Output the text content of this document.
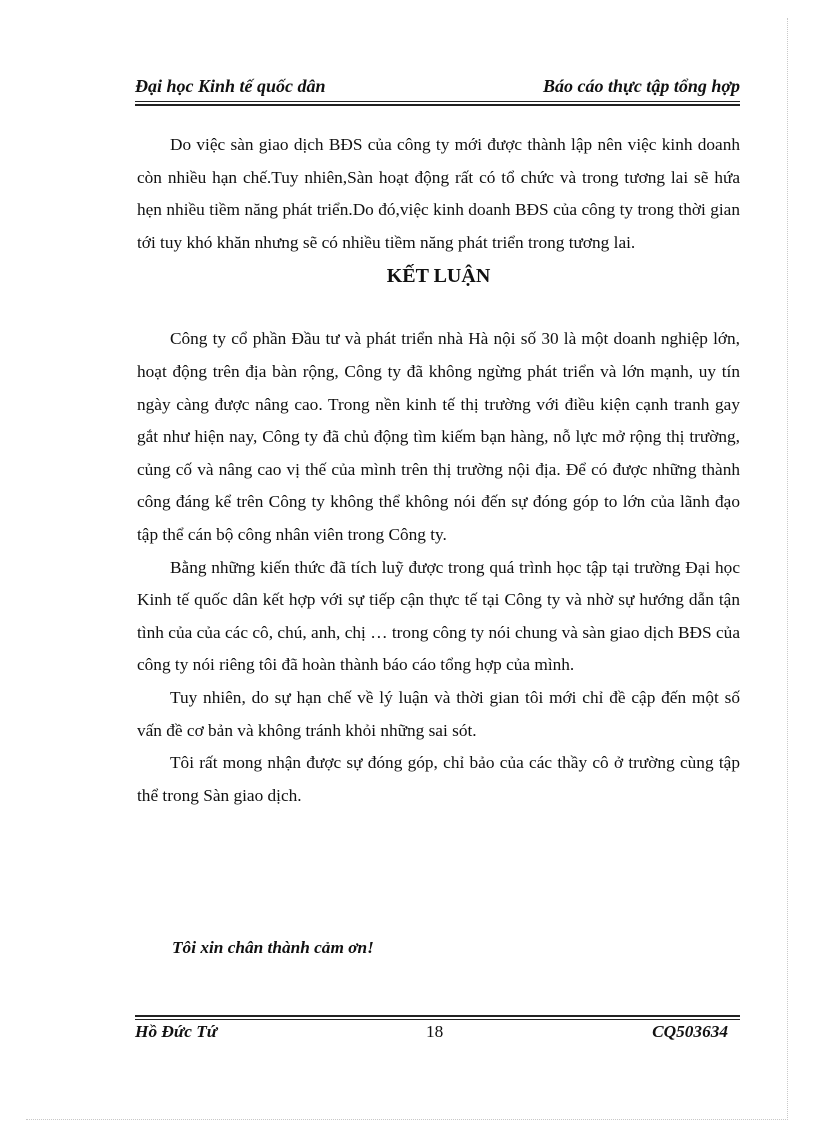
Đại học Kinh tế quốc dân	Báo cáo thực tập tổng hợp

Do việc sàn giao dịch BĐS của công ty mới được thành lập nên việc kinh doanh còn nhiều hạn chế.Tuy nhiên,Sàn hoạt động rất có tổ chức và trong tương lai sẽ hứa hẹn nhiều tiềm năng phát triển.Do đó,việc kinh doanh BĐS của công ty trong thời gian tới tuy khó khăn nhưng sẽ có nhiều tiềm năng phát triển trong tương lai.

KẾT LUẬN

Công ty cổ phần Đầu tư và phát triển nhà Hà nội số 30 là một doanh nghiệp lớn, hoạt động trên địa bàn rộng, Công ty đã không ngừng phát triển và lớn mạnh, uy tín ngày càng được nâng cao. Trong nền kinh tế thị trường với điều kiện cạnh tranh gay gắt như hiện nay, Công ty đã chủ động tìm kiếm bạn hàng, nỗ lực mở rộng thị trường, củng cố và nâng cao vị thế của mình trên thị trường nội địa. Để có được những thành công đáng kể trên Công ty không thể không nói đến sự đóng góp to lớn của lãnh đạo tập thể cán bộ công nhân viên trong Công ty.

Bằng những kiến thức đã tích luỹ được trong quá trình học tập tại trường Đại học Kinh tế quốc dân kết hợp với sự tiếp cận thực tế tại Công ty và nhờ sự hướng dẫn tận tình của của các cô, chú, anh, chị … trong công ty nói chung và sàn giao dịch BĐS của công ty nói riêng tôi đã hoàn thành báo cáo tổng hợp của mình.

Tuy nhiên, do sự hạn chế về lý luận và thời gian tôi mới chỉ đề cập đến một số vấn đề cơ bản và không tránh khỏi những sai sót.

Tôi rất mong nhận được sự đóng góp, chỉ bảo của các thầy cô ở trường cùng tập thể trong Sàn giao dịch.

Tôi xin chân thành cảm ơn!
Hồ Đức Tứ	18	CQ503634
